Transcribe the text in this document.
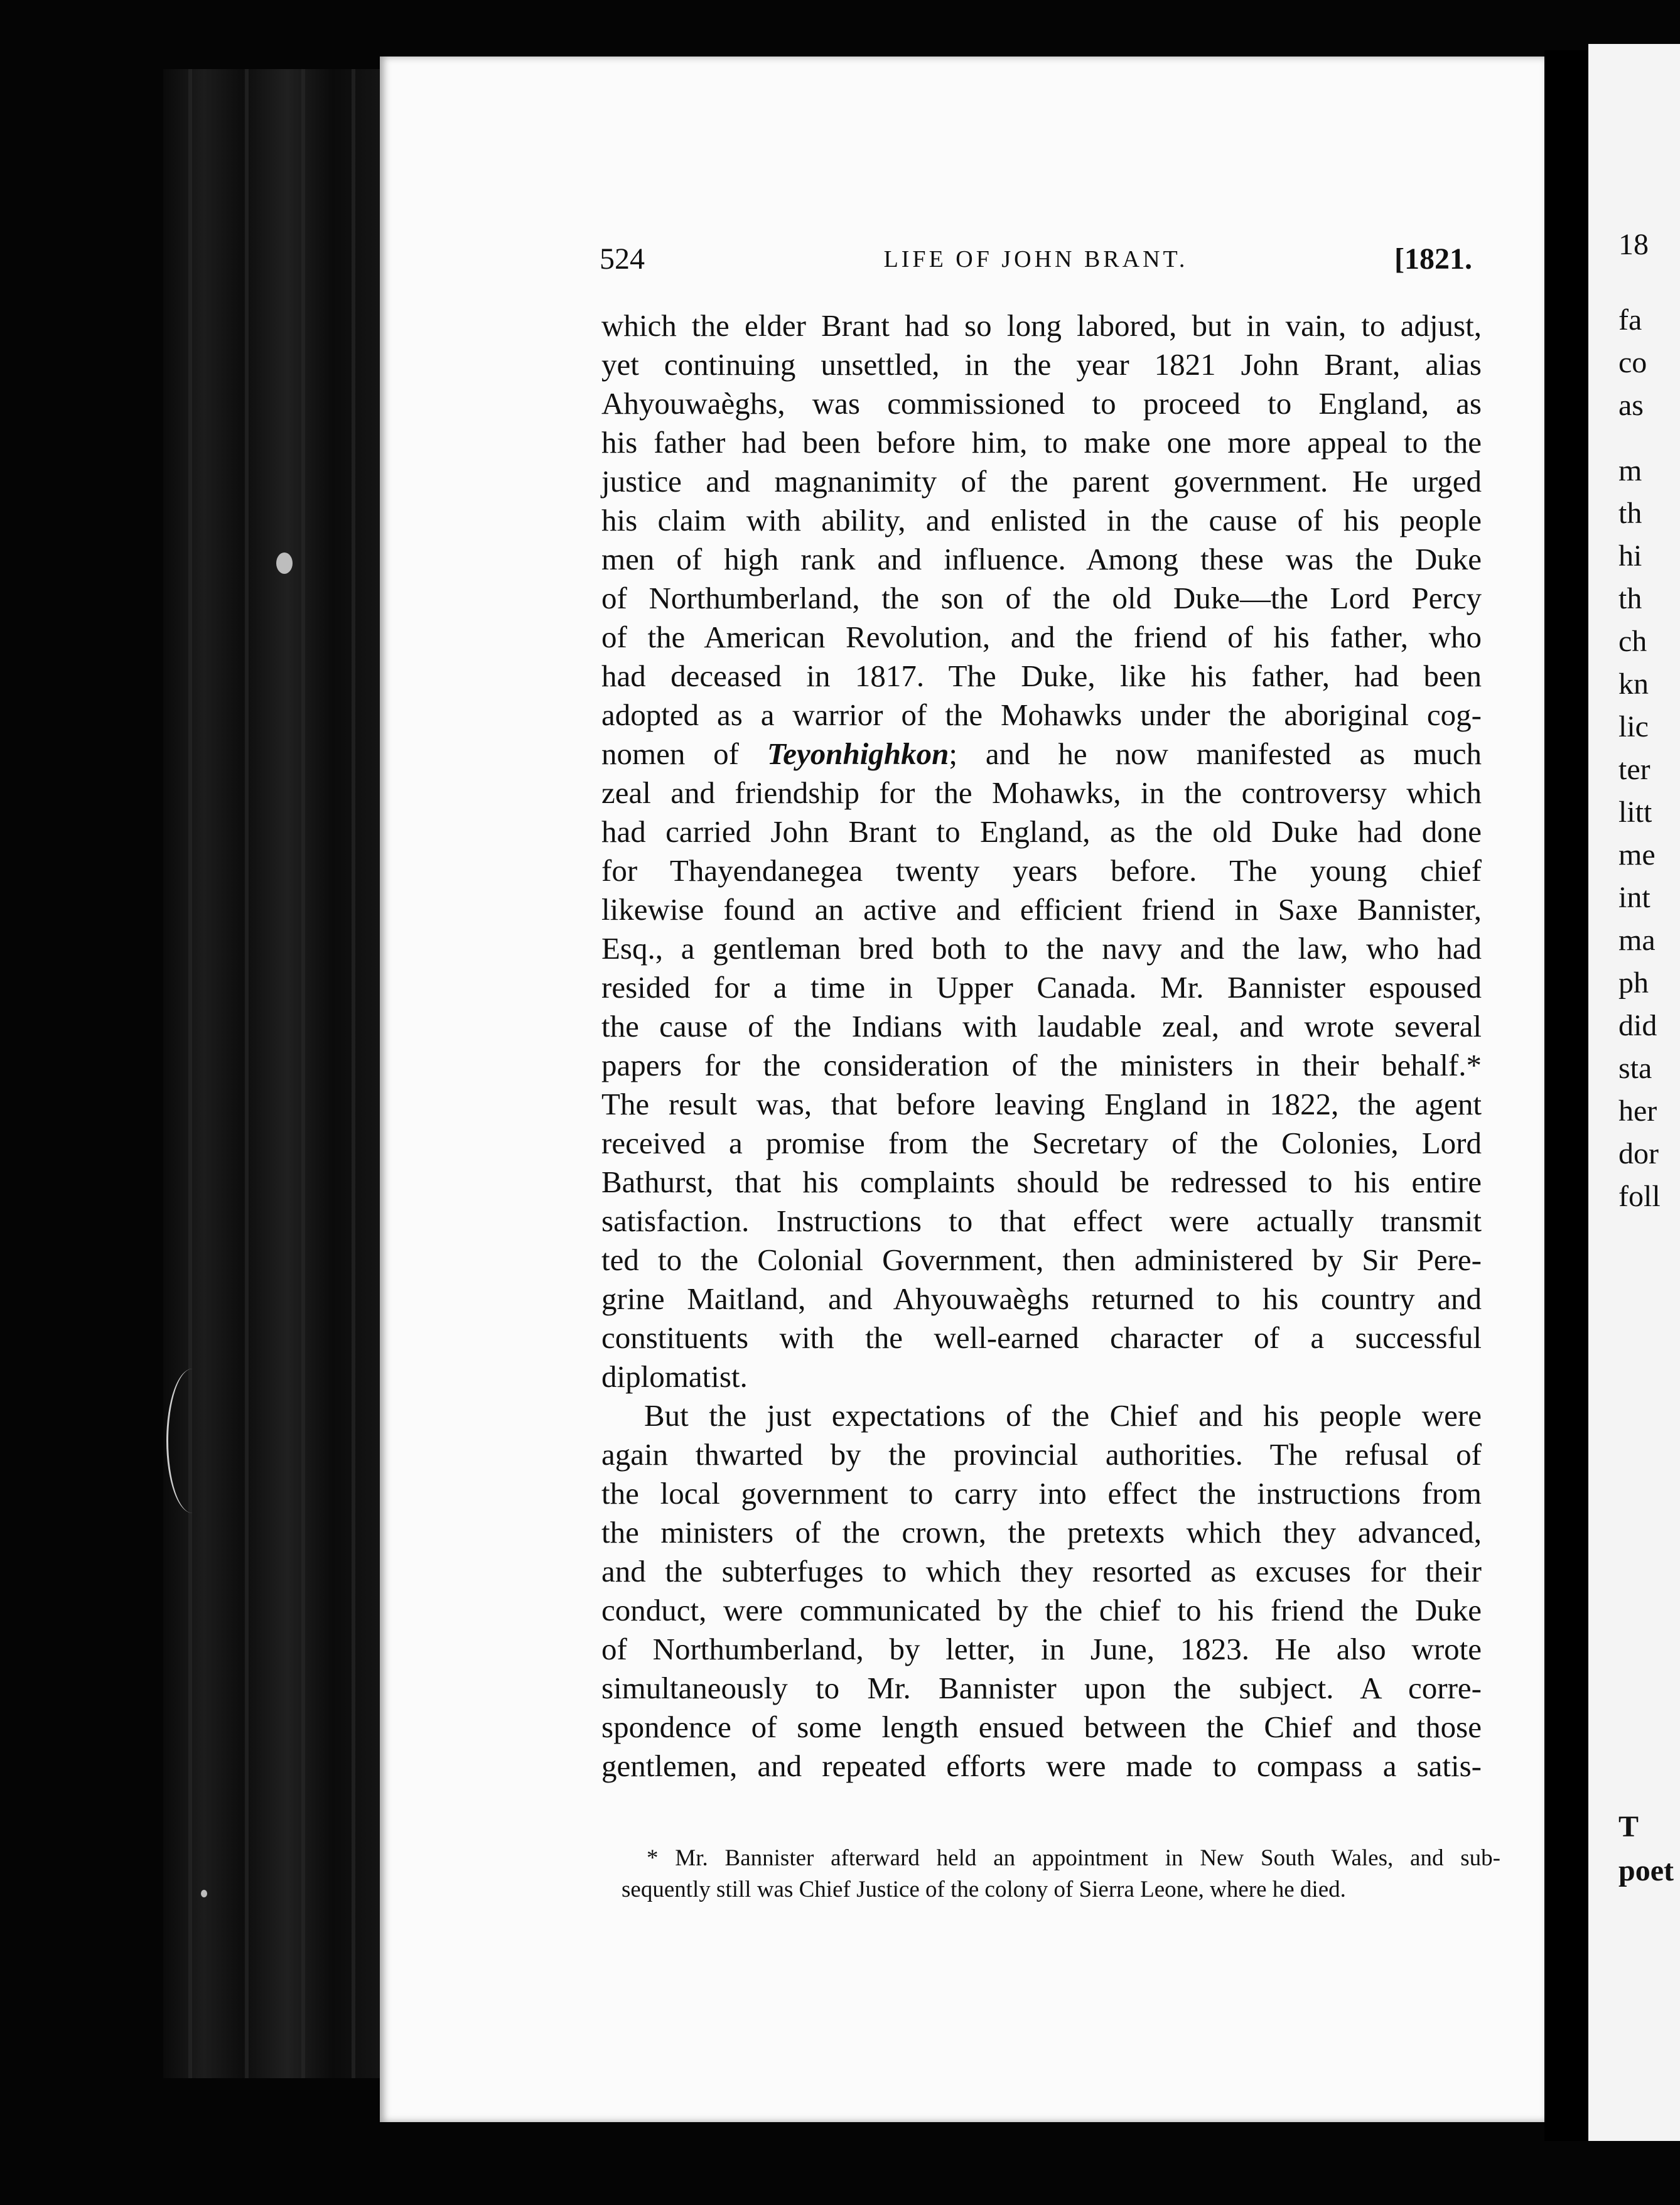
18
fa
co
as
m
th
hi
th
ch
kn
lic
ter
litt
me
int
ma
ph
did
sta
her
dor
foll
T
poet
524	LIFE OF JOHN BRANT.	[1821.
which the elder Brant had so long labored, but in vain, to adjust,
yet continuing unsettled, in the year 1821 John Brant, alias
Ahyouwaèghs, was commissioned to proceed to England, as
his father had been before him, to make one more appeal to the
justice and magnanimity of the parent government. He urged
his claim with ability, and enlisted in the cause of his people
men of high rank and influence. Among these was the Duke
of Northumberland, the son of the old Duke—the Lord Percy
of the American Revolution, and the friend of his father, who
had deceased in 1817. The Duke, like his father, had been
adopted as a warrior of the Mohawks under the aboriginal cog-
nomen of Teyonhighkon; and he now manifested as much
zeal and friendship for the Mohawks, in the controversy which
had carried John Brant to England, as the old Duke had done
for Thayendanegea twenty years before. The young chief
likewise found an active and efficient friend in Saxe Bannister,
Esq., a gentleman bred both to the navy and the law, who had
resided for a time in Upper Canada. Mr. Bannister espoused
the cause of the Indians with laudable zeal, and wrote several
papers for the consideration of the ministers in their behalf.*
The result was, that before leaving England in 1822, the agent
received a promise from the Secretary of the Colonies, Lord
Bathurst, that his complaints should be redressed to his entire
satisfaction. Instructions to that effect were actually transmit
ted to the Colonial Government, then administered by Sir Pere-
grine Maitland, and Ahyouwaèghs returned to his country and
constituents with the well-earned character of a successful
diplomatist.
But the just expectations of the Chief and his people were
again thwarted by the provincial authorities. The refusal of
the local government to carry into effect the instructions from
the ministers of the crown, the pretexts which they advanced,
and the subterfuges to which they resorted as excuses for their
conduct, were communicated by the chief to his friend the Duke
of Northumberland, by letter, in June, 1823. He also wrote
simultaneously to Mr. Bannister upon the subject. A corre-
spondence of some length ensued between the Chief and those
gentlemen, and repeated efforts were made to compass a satis-
* Mr. Bannister afterward held an appointment in New South Wales, and sub-
sequently still was Chief Justice of the colony of Sierra Leone, where he died.
